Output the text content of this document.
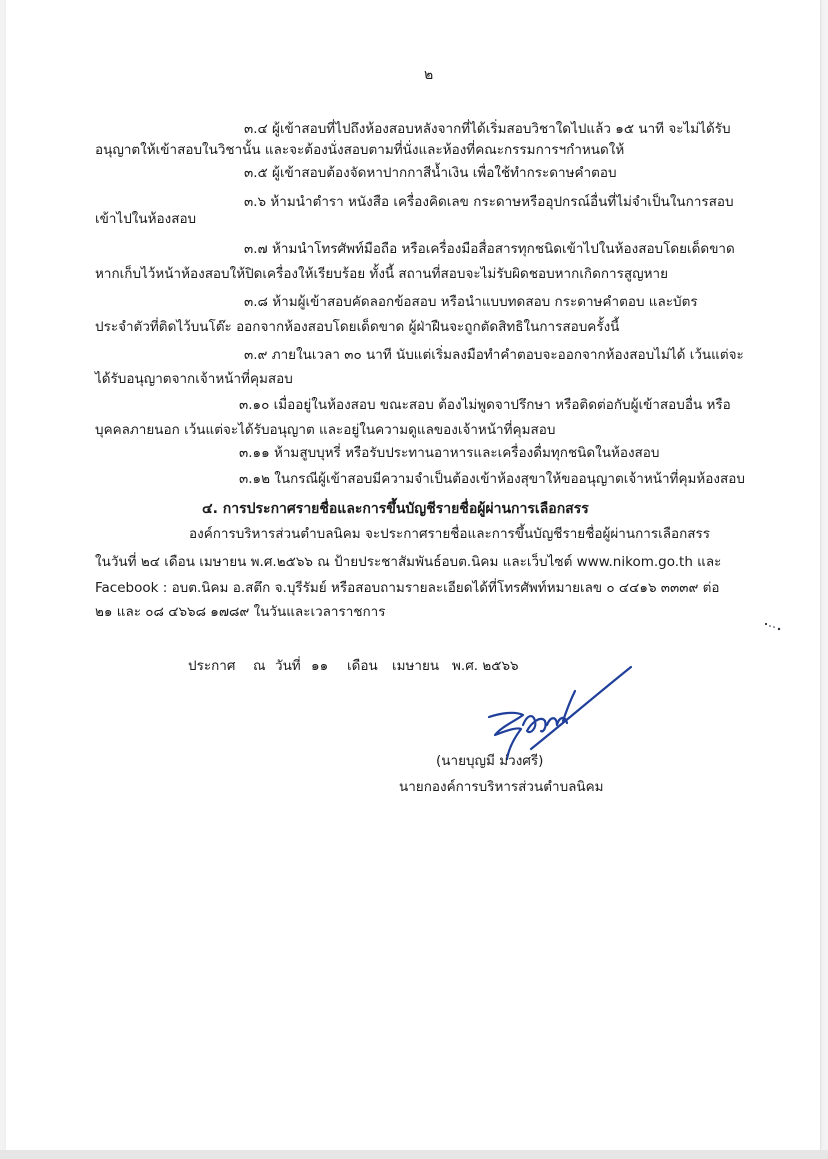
๒
๓.๔ ผู้เข้าสอบที่ไปถึงห้องสอบหลังจากที่ได้เริ่มสอบวิชาใดไปแล้ว ๑๕ นาที จะไม่ได้รับ
อนุญาตให้เข้าสอบในวิชานั้น และจะต้องนั่งสอบตามที่นั่งและห้องที่คณะกรรมการฯกำหนดให้
๓.๕ ผู้เข้าสอบต้องจัดหาปากกาสีน้ำเงิน เพื่อใช้ทำกระดาษคำตอบ
๓.๖ ห้ามนำตำรา หนังสือ เครื่องคิดเลข กระดาษหรืออุปกรณ์อื่นที่ไม่จำเป็นในการสอบ
เข้าไปในห้องสอบ
๓.๗ ห้ามนำโทรศัพท์มือถือ หรือเครื่องมือสื่อสารทุกชนิดเข้าไปในห้องสอบโดยเด็ดขาด
หากเก็บไว้หน้าห้องสอบให้ปิดเครื่องให้เรียบร้อย ทั้งนี้ สถานที่สอบจะไม่รับผิดชอบหากเกิดการสูญหาย
๓.๘ ห้ามผู้เข้าสอบคัดลอกข้อสอบ หรือนำแบบทดสอบ กระดาษคำตอบ และบัตร
ประจำตัวที่ติดไว้บนโต๊ะ ออกจากห้องสอบโดยเด็ดขาด ผู้ฝ่าฝืนจะถูกตัดสิทธิในการสอบครั้งนี้
๓.๙ ภายในเวลา ๓๐ นาที นับแต่เริ่มลงมือทำคำตอบจะออกจากห้องสอบไม่ได้ เว้นแต่จะ
ได้รับอนุญาตจากเจ้าหน้าที่คุมสอบ
๓.๑๐ เมื่ออยู่ในห้องสอบ ขณะสอบ ต้องไม่พูดจาปรึกษา หรือติดต่อกับผู้เข้าสอบอื่น หรือ
บุคคลภายนอก เว้นแต่จะได้รับอนุญาต และอยู่ในความดูแลของเจ้าหน้าที่คุมสอบ
๓.๑๑ ห้ามสูบบุหรี่ หรือรับประทานอาหารและเครื่องดื่มทุกชนิดในห้องสอบ
๓.๑๒ ในกรณีผู้เข้าสอบมีความจำเป็นต้องเข้าห้องสุขาให้ขออนุญาตเจ้าหน้าที่คุมห้องสอบ
๔. การประกาศรายชื่อและการขึ้นบัญชีรายชื่อผู้ผ่านการเลือกสรร
องค์การบริหารส่วนตำบลนิคม จะประกาศรายชื่อและการขึ้นบัญชีรายชื่อผู้ผ่านการเลือกสรร
ในวันที่ ๒๔ เดือน เมษายน พ.ศ.๒๕๖๖ ณ ป้ายประชาสัมพันธ์อบต.นิคม และเว็บไซต์ www.nikom.go.th และ
Facebook : อบต.นิคม อ.สตึก จ.บุรีรัมย์ หรือสอบถามรายละเอียดได้ที่โทรศัพท์หมายเลข ๐ ๔๔๑๖ ๓๓๓๙ ต่อ
๒๑ และ ๐๘ ๔๖๖๘ ๑๗๘๙ ในวันและเวลาราชการ
ประกาศ ณ วันที่ ๑๑ เดือน เมษายน พ.ศ. ๒๕๖๖
(นายบุญมี ม่วงศรี)
นายกองค์การบริหารส่วนตำบลนิคม
